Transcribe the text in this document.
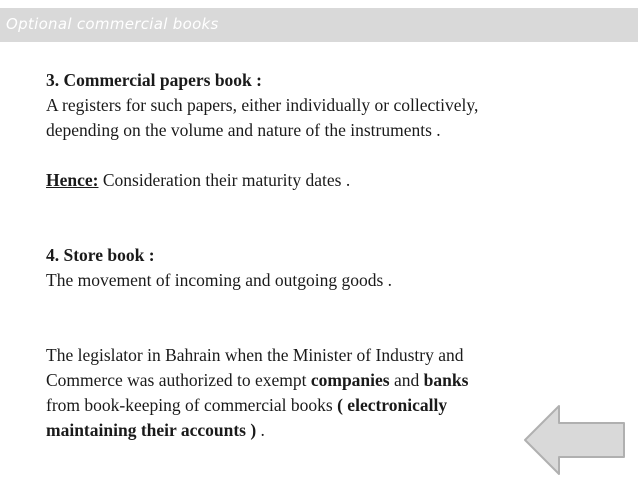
Optional commercial books

3. Commercial papers book :

A registers for such papers, either individually or collectively,

depending on the volume and nature of the instruments .

Hence: Consideration their maturity dates .

4. Store book :

The movement of incoming and outgoing goods .

The legislator in Bahrain when the Minister of Industry and

Commerce was authorized to exempt companies and banks

from book-keeping of commercial books ( electronically

maintaining their accounts ) .
